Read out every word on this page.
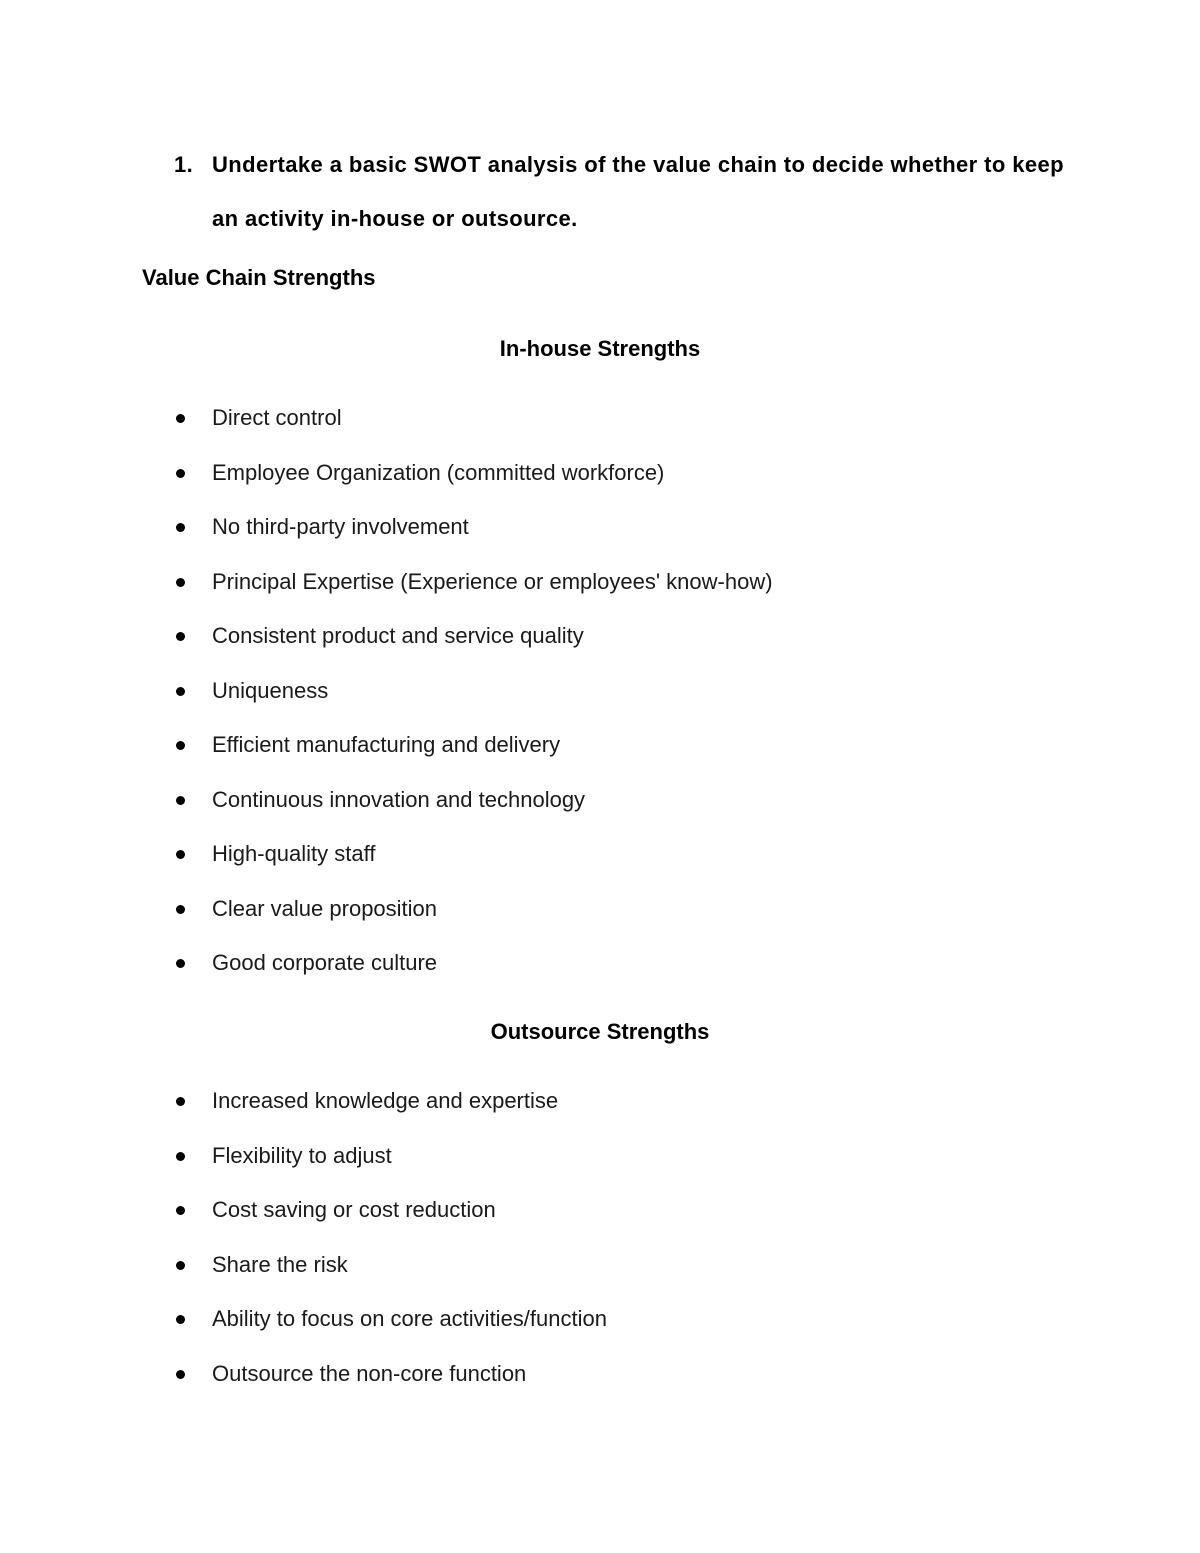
1. Undertake a basic SWOT analysis of the value chain to decide whether to keep an activity in-house or outsource.
Value Chain Strengths
In-house Strengths
Direct control
Employee Organization (committed workforce)
No third-party involvement
Principal Expertise (Experience or employees' know-how)
Consistent product and service quality
Uniqueness
Efficient manufacturing and delivery
Continuous innovation and technology
High-quality staff
Clear value proposition
Good corporate culture
Outsource Strengths
Increased knowledge and expertise
Flexibility to adjust
Cost saving or cost reduction
Share the risk
Ability to focus on core activities/function
Outsource the non-core function
